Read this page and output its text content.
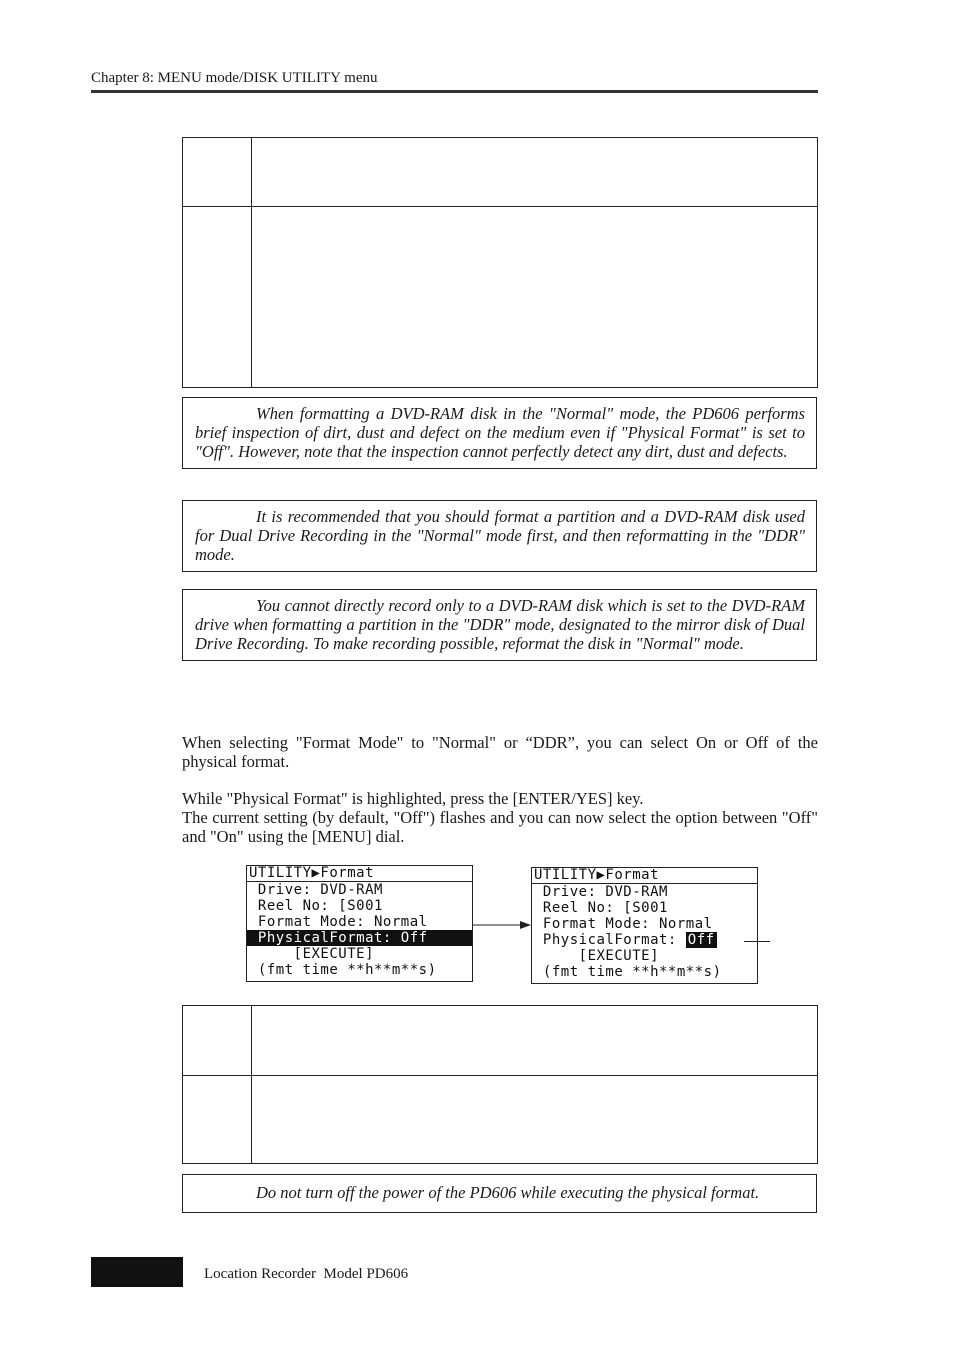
Chapter 8: MENU mode/DISK UTILITY menu
When formatting a DVD-RAM disk in the "Normal" mode, the PD606 performs brief inspection of dirt, dust and defect on the medium even if "Physical Format" is set to "Off". However, note that the inspection cannot perfectly detect any dirt, dust and defects.
It is recommended that you should format a partition and a DVD-RAM disk used for Dual Drive Recording in the "Normal" mode first, and then reformatting in the "DDR" mode.
You cannot directly record only to a DVD-RAM disk which is set to the DVD-RAM drive when formatting a partition in the "DDR" mode, designated to the mirror disk of Dual Drive Recording. To make recording possible, reformat the disk in "Normal" mode.
When selecting "Format Mode" to "Normal" or “DDR”, you can select On or Off of the physical format.
While "Physical Format" is highlighted, press the [ENTER/YES] key.
The current setting (by default, "Off") flashes and you can now select the option between "Off" and "On" using the [MENU] dial.
UTILITY▶Format
Drive: DVD-RAM
Reel No: [S001
Format Mode: Normal
PhysicalFormat: Off
[EXECUTE]
(fmt time **h**m**s)
UTILITY▶Format
Drive: DVD-RAM
Reel No: [S001
Format Mode: Normal
PhysicalFormat: Off
[EXECUTE]
(fmt time **h**m**s)
Do not turn off the power of the PD606 while executing the physical format.
Location Recorder  Model PD606
